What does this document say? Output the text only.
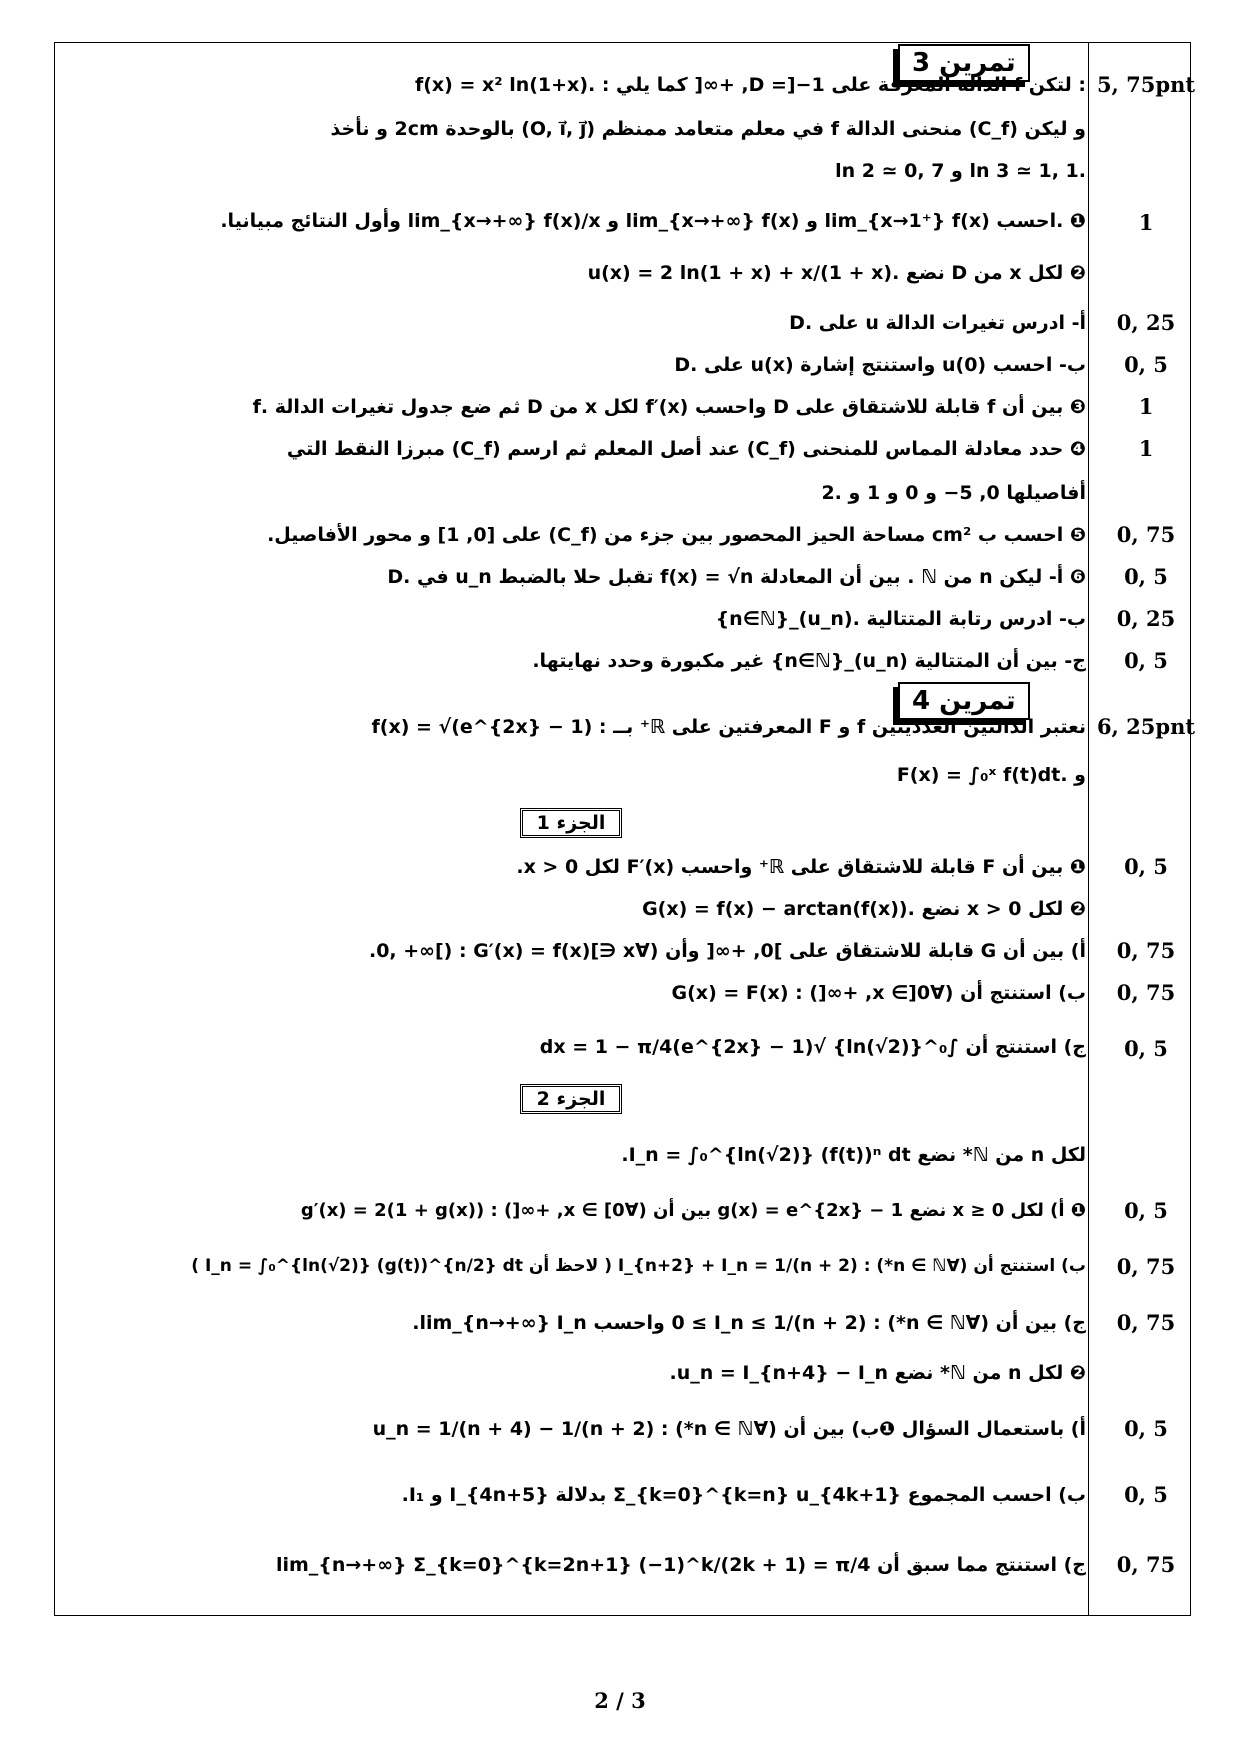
تمرين 3
5, 75pnt
: لتكن f الدالة المعرفة على D =]−1, +∞[ كما يلي : .f(x) = x² ln(1+x)
و ليكن (C_f) منحنى الدالة f في معلم متعامد ممنظم (O, i⃗, j⃗) بالوحدة 2cm و نأخذ
.ln 3 ≃ 1, 1 و ln 2 ≃ 0, 7
❶ .احسب lim_{x→1⁺} f(x) و lim_{x→+∞} f(x) و lim_{x→+∞} f(x)/x وأول النتائج مبيانيا.
❷ لكل x من D نضع .u(x) = 2 ln(1 + x) + x/(1 + x)
أ- ادرس تغيرات الدالة u على .D
ب- احسب u(0) واستنتج إشارة u(x) على .D
❸ بين أن f قابلة للاشتقاق على D واحسب f′(x) لكل x من D ثم ضع جدول تغيرات الدالة .f
❹ حدد معادلة المماس للمنحنى (C_f) عند أصل المعلم ثم ارسم (C_f) مبرزا النقط التي
أفاصيلها 0, 5− و 0 و 1 و .2
❺ احسب ب cm² مساحة الحيز المحصور بين جزء من (C_f) على [0, 1] و محور الأفاصيل.
❻ أ- ليكن n من ℕ . بين أن المعادلة f(x) = √n تقبل حلا بالضبط u_n في .D
ب- ادرس رتابة المتتالية .(u_n)_{n∈ℕ}
ج- بين أن المتتالية (u_n)_{n∈ℕ} غير مكبورة وحدد نهايتها.
1
0, 25
0, 5
1
1
0, 75
0, 5
0, 25
0, 5
تمرين 4
6, 25pnt
نعتبر الدالتين العدديتين f و F المعرفتين على ℝ⁺ بــ : f(x) = √(e^{2x} − 1)
و .F(x) = ∫₀ˣ f(t)dt
الجزء 1
❶ بين أن F قابلة للاشتقاق على ℝ⁺ واحسب F′(x) لكل x > 0.
❷ لكل x > 0 نضع .G(x) = f(x) − arctan(f(x))
أ) بين أن G قابلة للاشتقاق على ]0, +∞[ وأن (∀x ∈]0, +∞[) : G′(x) = f(x).
ب) استنتج أن (∀x ∈]0, +∞[) : G(x) = F(x)
ج) استنتج أن ∫₀^{ln(√2)} √(e^{2x} − 1)dx = 1 − π/4
0, 5
0, 75
0, 75
0, 5
الجزء 2
لكل n من ℕ* نضع I_n = ∫₀^{ln(√2)} (f(t))ⁿ dt.
❶ أ) لكل x ≥ 0 نضع g(x) = e^{2x} − 1 بين أن (∀x ∈ [0, +∞[) : g′(x) = 2(1 + g(x))
ب) استنتج أن (∀n ∈ ℕ*) : I_{n+2} + I_n = 1/(n + 2) ( لاحظ أن I_n = ∫₀^{ln(√2)} (g(t))^{n/2} dt )
ج) بين أن (∀n ∈ ℕ*) : 0 ≤ I_n ≤ 1/(n + 2) واحسب lim_{n→+∞} I_n.
❷ لكل n من ℕ* نضع u_n = I_{n+4} − I_n.
أ) باستعمال السؤال ❶ب) بين أن (∀n ∈ ℕ*) : u_n = 1/(n + 4) − 1/(n + 2)
ب) احسب المجموع Σ_{k=0}^{k=n} u_{4k+1} بدلالة I_{4n+5} و I₁.
ج) استنتج مما سبق أن lim_{n→+∞} Σ_{k=0}^{k=2n+1} (−1)^k/(2k + 1) = π/4
0, 5
0, 75
0, 75
0, 5
0, 5
0, 75
2 / 3
